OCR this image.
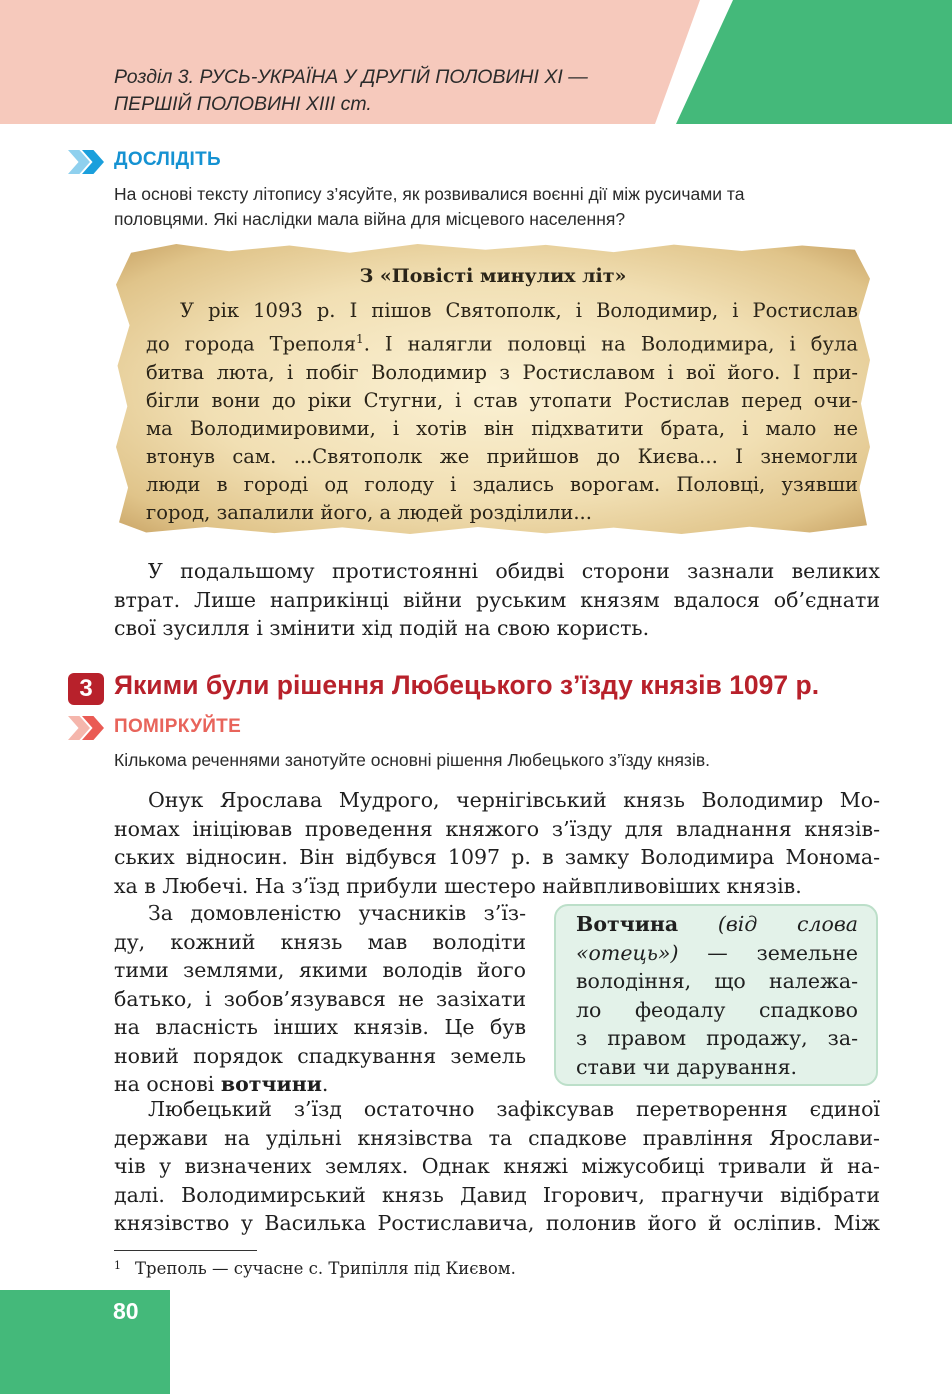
Розділ 3. РУСЬ-УКРАЇНА У ДРУГІЙ ПОЛОВИНІ XI —
ПЕРШІЙ ПОЛОВИНІ XIII ст.
ДОСЛІДІТЬ
На основі тексту літопису з’ясуйте, як розвивалися воєнні дії між русичами та
половцями. Які наслідки мала війна для місцевого населення?
З «Повісті минулих літ»
У рік 1093 р. І пішов Святополк, і Володимир, і Ростислав
до города Треполя$^1$. І налягли половці на Володимира, і була
битва люта, і побіг Володимир з Ростиславом і вої його. І при-
бігли вони до ріки Стугни, і став утопати Ростислав перед очи-
ма Володимировими, і хотів він підхватити брата, і мало не
втонув сам. ...Святополк же прийшов до Києва... І знемогли
люди в городі од голоду і здались ворогам. Половці, узявши
город, запалили його, а людей розділили...
У подальшому протистоянні обидві сторони зазнали великих
втрат. Лише наприкінці війни руським князям вдалося об’єднати
свої зусилля і змінити хід подій на свою користь.
3 Якими були рішення Любецького з’їзду князів 1097 р.
ПОМІРКУЙТЕ
Кількома реченнями занотуйте основні рішення Любецького з’їзду князів.
Онук Ярослава Мудрого, чернігівський князь Володимир Мо-
номах ініціював проведення княжого з’їзду для владнання князів-
ських відносин. Він відбувся 1097 р. в замку Володимира Монома-
ха в Любечі. На з’їзд прибули шестеро найвпливовіших князів.
За домовленістю учасників з’їз-
ду, кожний князь мав володіти
тими землями, якими володів його
батько, і зобов’язувався не зазіхати
на власність інших князів. Це був
новий порядок спадкування земель
на основі вотчини.
Вотчина (від слова
«отець») — земельне
володіння, що належа-
ло феодалу спадково
з правом продажу, за-
стави чи дарування.
Любецький з’їзд остаточно зафіксував перетворення єдиної
держави на удільні князівства та спадкове правління Ярослави-
чів у визначених землях. Однак княжі міжусобиці тривали й на-
далі. Володимирський князь Давид Ігорович, прагнучи відібрати
князівство у Василька Ростиславича, полонив його й осліпив. Між
$^1$ Треполь — сучасне с. Трипілля під Києвом.
80
